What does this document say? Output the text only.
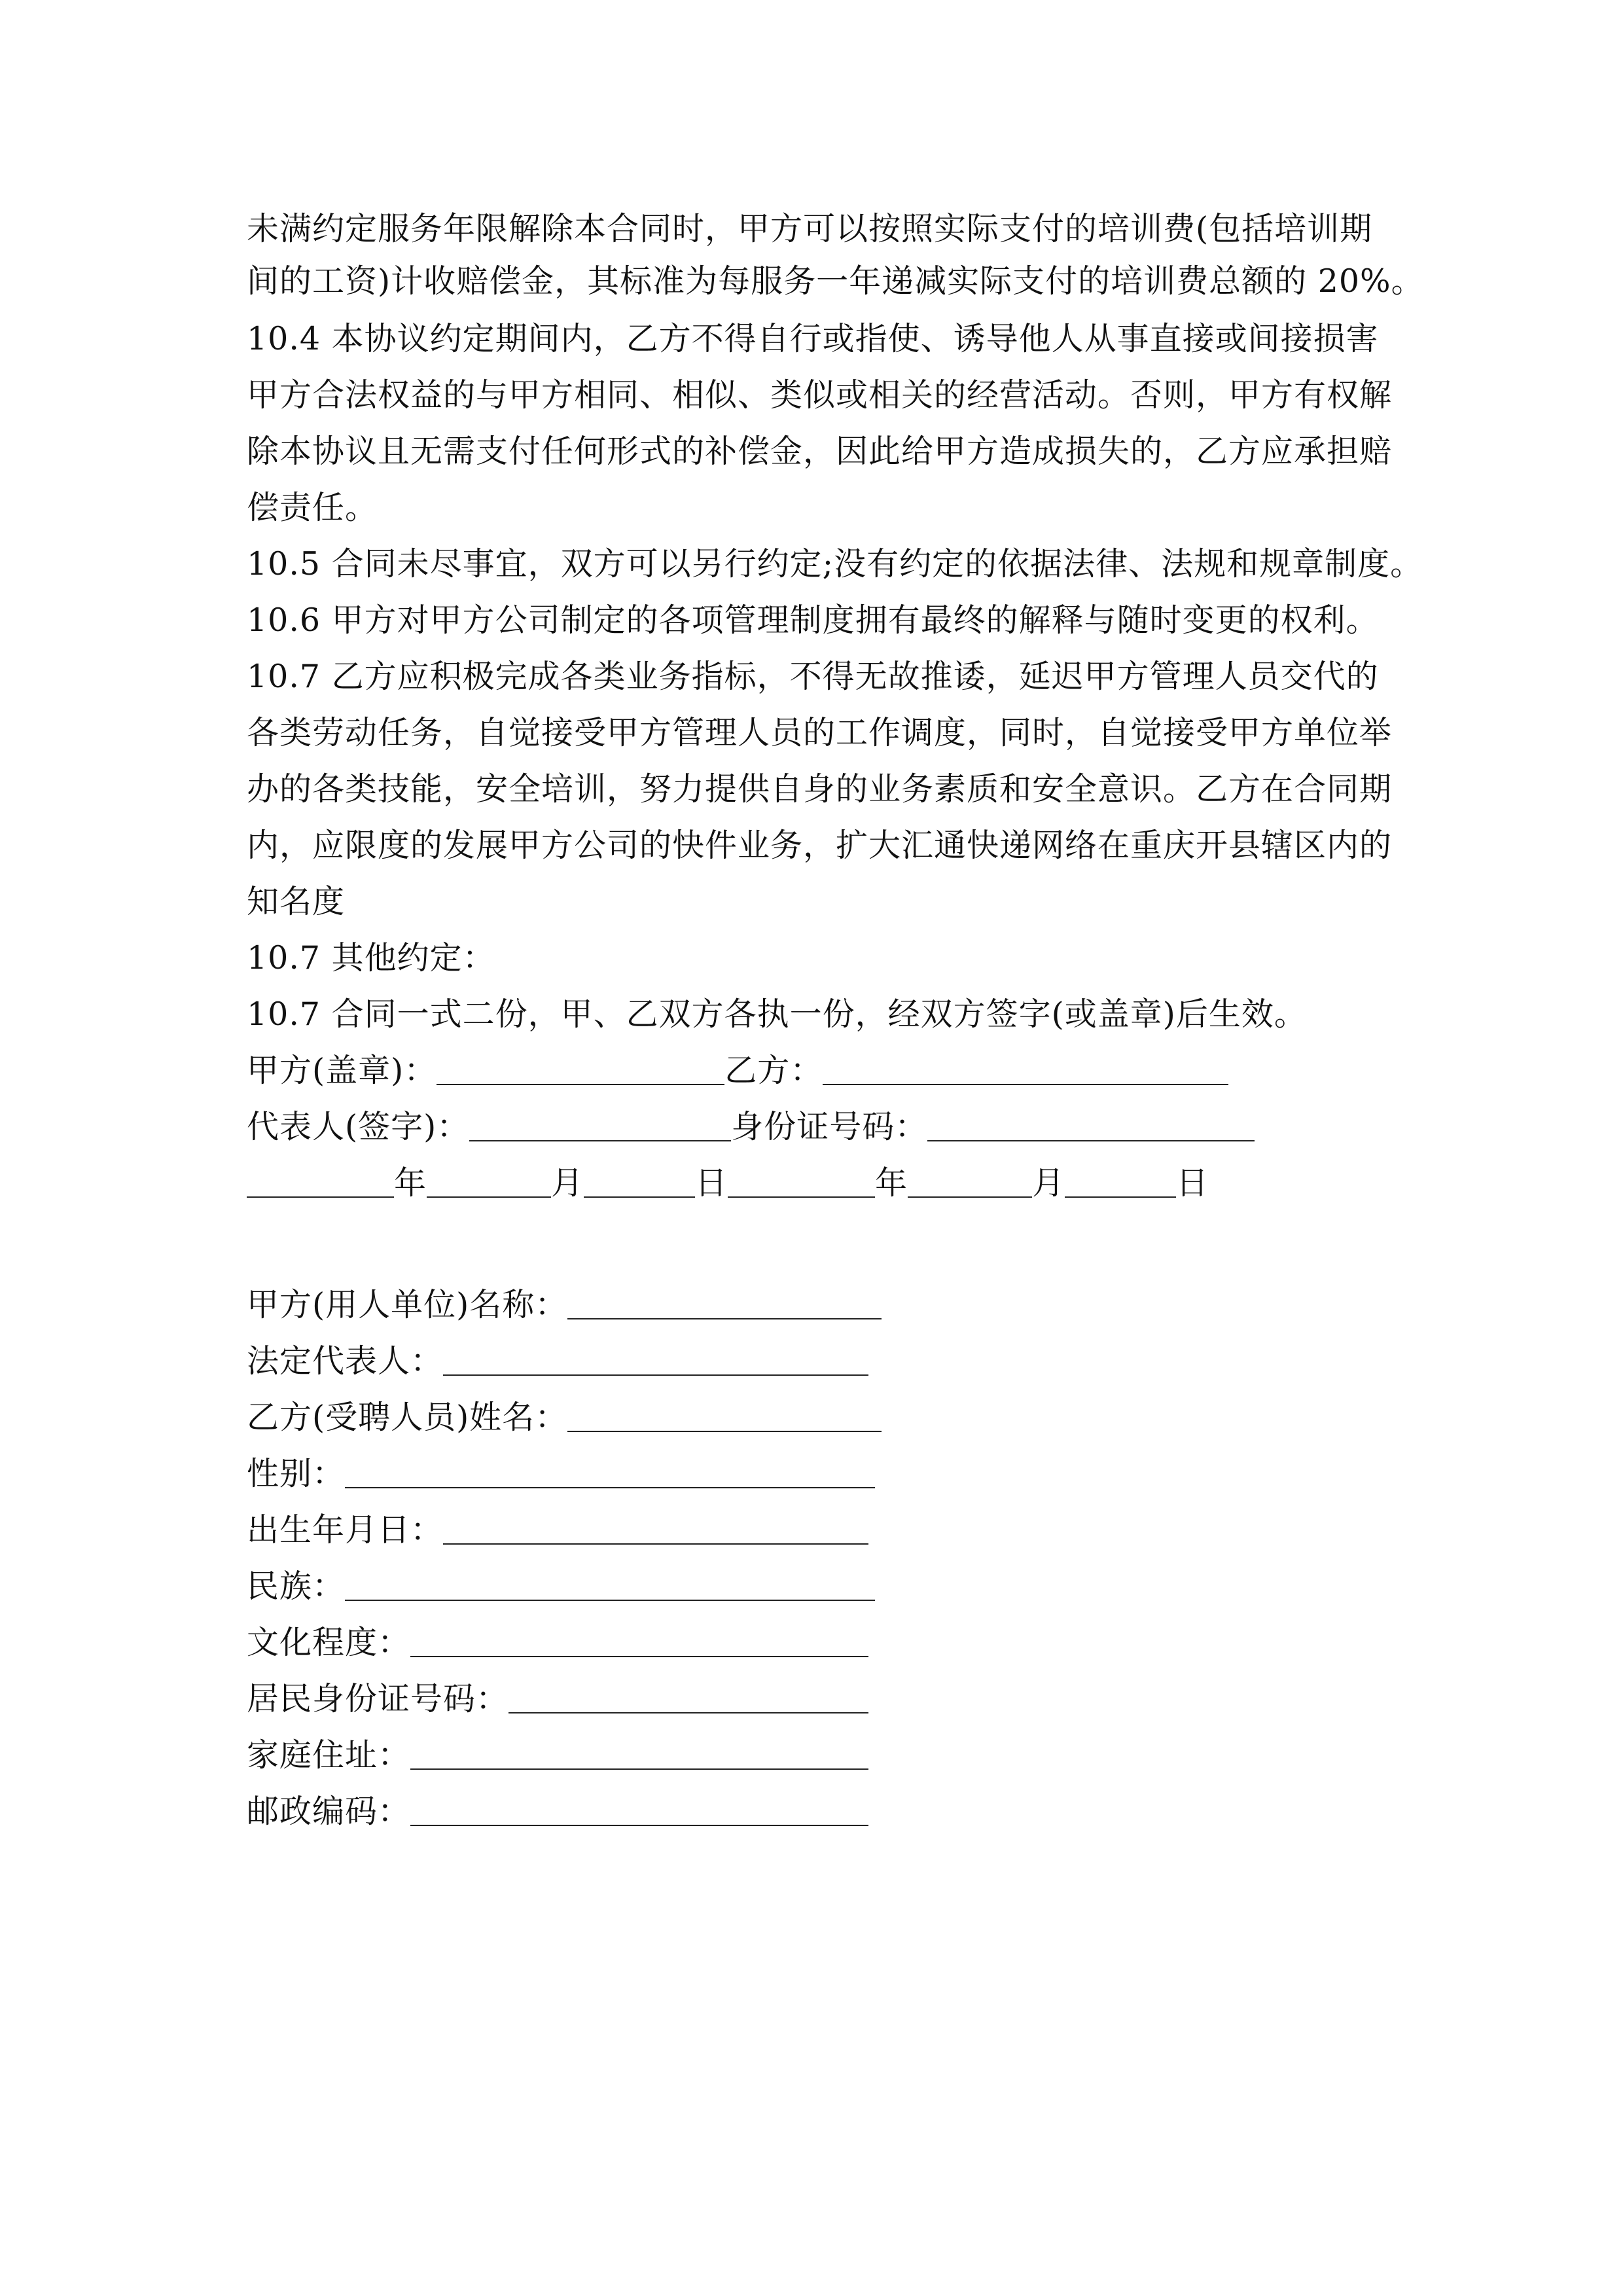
未满约定服务年限解除本合同时，甲方可以按照实际支付的培训费(包括培训期
间的工资)计收赔偿金，其标准为每服务一年递减实际支付的培训费总额的 20%。
10.4 本协议约定期间内，乙方不得自行或指使、诱导他人从事直接或间接损害
甲方合法权益的与甲方相同、相似、类似或相关的经营活动。否则，甲方有权解
除本协议且无需支付任何形式的补偿金，因此给甲方造成损失的，乙方应承担赔
偿责任。
10.5 合同未尽事宜，双方可以另行约定;没有约定的依据法律、法规和规章制度。
10.6 甲方对甲方公司制定的各项管理制度拥有最终的解释与随时变更的权利。
10.7 乙方应积极完成各类业务指标，不得无故推诿，延迟甲方管理人员交代的
各类劳动任务，自觉接受甲方管理人员的工作调度，同时，自觉接受甲方单位举
办的各类技能，安全培训，努力提供自身的业务素质和安全意识。乙方在合同期
内，应限度的发展甲方公司的快件业务，扩大汇通快递网络在重庆开县辖区内的
知名度
10.7 其他约定：
10.7 合同一式二份，甲、乙双方各执一份，经双方签字(或盖章)后生效。
甲方(盖章)：	乙方：
代表人(签字)：	身份证号码：
年	月	日	年	月	日
甲方(用人单位)名称：
法定代表人：
乙方(受聘人员)姓名：
性别：
出生年月日：
民族：
文化程度：
居民身份证号码：
家庭住址：
邮政编码：
